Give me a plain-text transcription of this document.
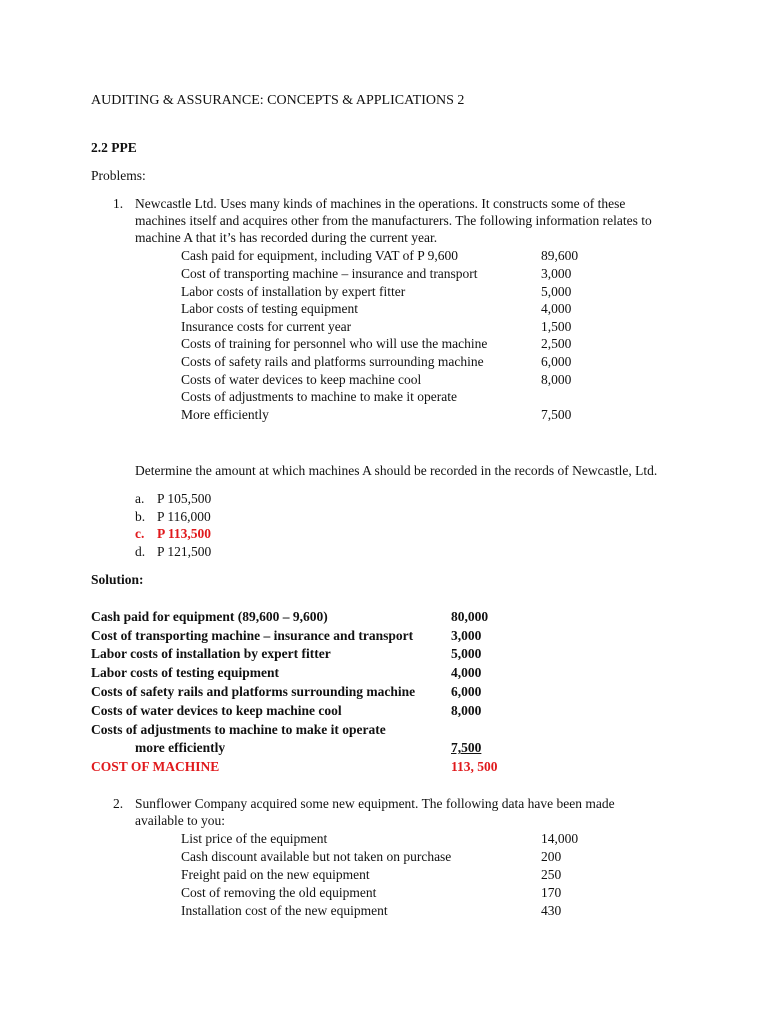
AUDITING & ASSURANCE: CONCEPTS & APPLICATIONS 2
2.2 PPE
Problems:
1. Newcastle Ltd. Uses many kinds of machines in the operations. It constructs some of these
machines itself and acquires other from the manufacturers. The following information relates to
machine A that it’s has recorded during the current year.
Cash paid for equipment, including VAT of P 9,600	89,600
Cost of transporting machine – insurance and transport	3,000
Labor costs of installation by expert fitter	5,000
Labor costs of testing equipment	4,000
Insurance costs for current year	1,500
Costs of training for personnel who will use the machine	2,500
Costs of safety rails and platforms surrounding machine	6,000
Costs of water devices to keep machine cool	8,000
Costs of adjustments to machine to make it operate
More efficiently	7,500
Determine the amount at which machines A should be recorded in the records of Newcastle, Ltd.
a. P 105,500
b. P 116,000
c. P 113,500
d. P 121,500
Solution:
Cash paid for equipment (89,600 – 9,600)	80,000
Cost of transporting machine – insurance and transport	3,000
Labor costs of installation by expert fitter	5,000
Labor costs of testing equipment	4,000
Costs of safety rails and platforms surrounding machine	6,000
Costs of water devices to keep machine cool	8,000
Costs of adjustments to machine to make it operate
more efficiently	7,500
COST OF MACHINE	113, 500
2. Sunflower Company acquired some new equipment. The following data have been made
available to you:
List price of the equipment	14,000
Cash discount available but not taken on purchase	200
Freight paid on the new equipment	250
Cost of removing the old equipment	170
Installation cost of the new equipment	430
